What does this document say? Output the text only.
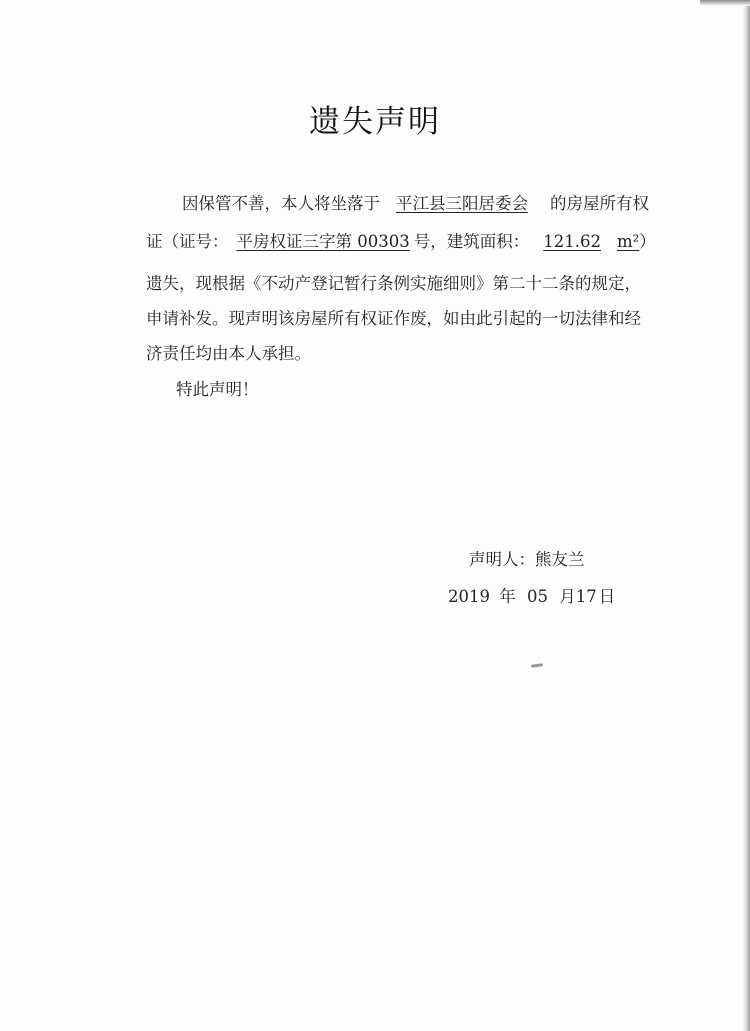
遗失声明
因保管不善，本人将坐落于 平江县三阳居委会 的房屋所有权
证（证号： 平房权证三字第 00303 号，建筑面积： 121.62 m²）
遗失，现根据《不动产登记暂行条例实施细则》第二十二条的规定，
申请补发。现声明该房屋所有权证作废，如由此引起的一切法律和经
济责任均由本人承担。
特此声明！
声明人：熊友兰
2019 年 05 月17 日
